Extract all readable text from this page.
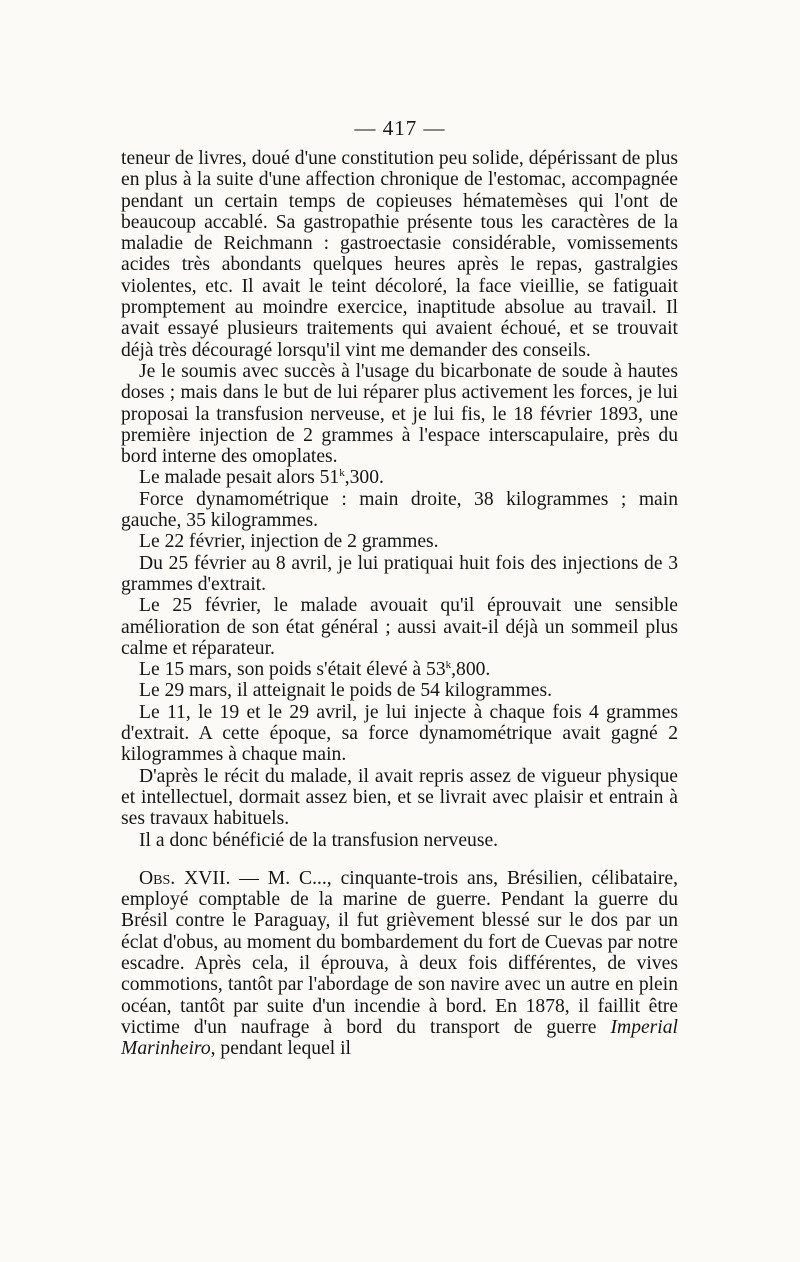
— 417 —

teneur de livres, doué d'une constitution peu solide, dépérissant de plus en plus à la suite d'une affection chronique de l'estomac, accompagnée pendant un certain temps de copieuses hématemèses qui l'ont de beaucoup accablé. Sa gastropathie présente tous les caractères de la maladie de Reichmann : gastroectasie considérable, vomissements acides très abondants quelques heures après le repas, gastralgies violentes, etc. Il avait le teint décoloré, la face vieillie, se fatiguait promptement au moindre exercice, inaptitude absolue au travail. Il avait essayé plusieurs traitements qui avaient échoué, et se trouvait déjà très découragé lorsqu'il vint me demander des conseils.

Je le soumis avec succès à l'usage du bicarbonate de soude à hautes doses ; mais dans le but de lui réparer plus activement les forces, je lui proposai la transfusion nerveuse, et je lui fis, le 18 février 1893, une première injection de 2 grammes à l'espace interscapulaire, près du bord interne des omoplates.

Le malade pesait alors 51$^k$,300.

Force dynamométrique : main droite, 38 kilogrammes ; main gauche, 35 kilogrammes.

Le 22 février, injection de 2 grammes.

Du 25 février au 8 avril, je lui pratiquai huit fois des injections de 3 grammes d'extrait.

Le 25 février, le malade avouait qu'il éprouvait une sensible amélioration de son état général ; aussi avait-il déjà un sommeil plus calme et réparateur.

Le 15 mars, son poids s'était élevé à 53$^k$,800.

Le 29 mars, il atteignait le poids de 54 kilogrammes.

Le 11, le 19 et le 29 avril, je lui injecte à chaque fois 4 grammes d'extrait. A cette époque, sa force dynamométrique avait gagné 2 kilogrammes à chaque main.

D'après le récit du malade, il avait repris assez de vigueur physique et intellectuel, dormait assez bien, et se livrait avec plaisir et entrain à ses travaux habituels.

Il a donc bénéficié de la transfusion nerveuse.

Obs. XVII. — M. C..., cinquante-trois ans, Brésilien, célibataire, employé comptable de la marine de guerre. Pendant la guerre du Brésil contre le Paraguay, il fut grièvement blessé sur le dos par un éclat d'obus, au moment du bombardement du fort de Cuevas par notre escadre. Après cela, il éprouva, à deux fois différentes, de vives commotions, tantôt par l'abordage de son navire avec un autre en plein océan, tantôt par suite d'un incendie à bord. En 1878, il faillit être victime d'un naufrage à bord du transport de guerre Imperial Marinheiro, pendant lequel il
